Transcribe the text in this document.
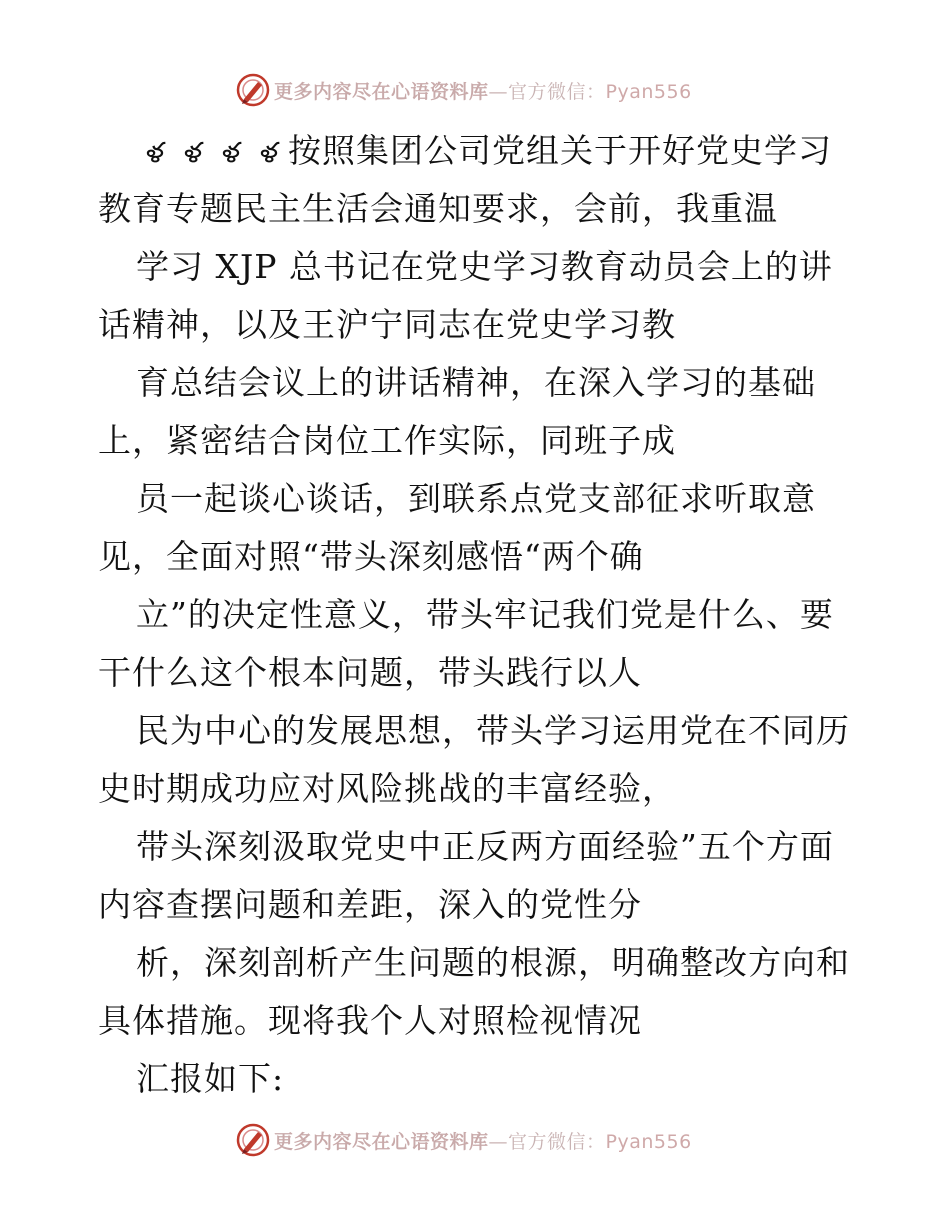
更多内容尽在心语资料库—官方微信：Pyan556
ళ ళ ళ ళ 按照集团公司党组关于开好党史学习
教育专题民主生活会通知要求，会前，我重温
学习 XJP 总书记在党史学习教育动员会上的讲
话精神，以及王沪宁同志在党史学习教
育总结会议上的讲话精神，在深入学习的基础
上，紧密结合岗位工作实际，同班子成
员一起谈心谈话，到联系点党支部征求听取意
见，全面对照“带头深刻感悟“两个确
立”的决定性意义，带头牢记我们党是什么、要
干什么这个根本问题，带头践行以人
民为中心的发展思想，带头学习运用党在不同历
史时期成功应对风险挑战的丰富经验，
带头深刻汲取党史中正反两方面经验”五个方面
内容查摆问题和差距，深入的党性分
析，深刻剖析产生问题的根源，明确整改方向和
具体措施。现将我个人对照检视情况
汇报如下:
更多内容尽在心语资料库—官方微信：Pyan556
